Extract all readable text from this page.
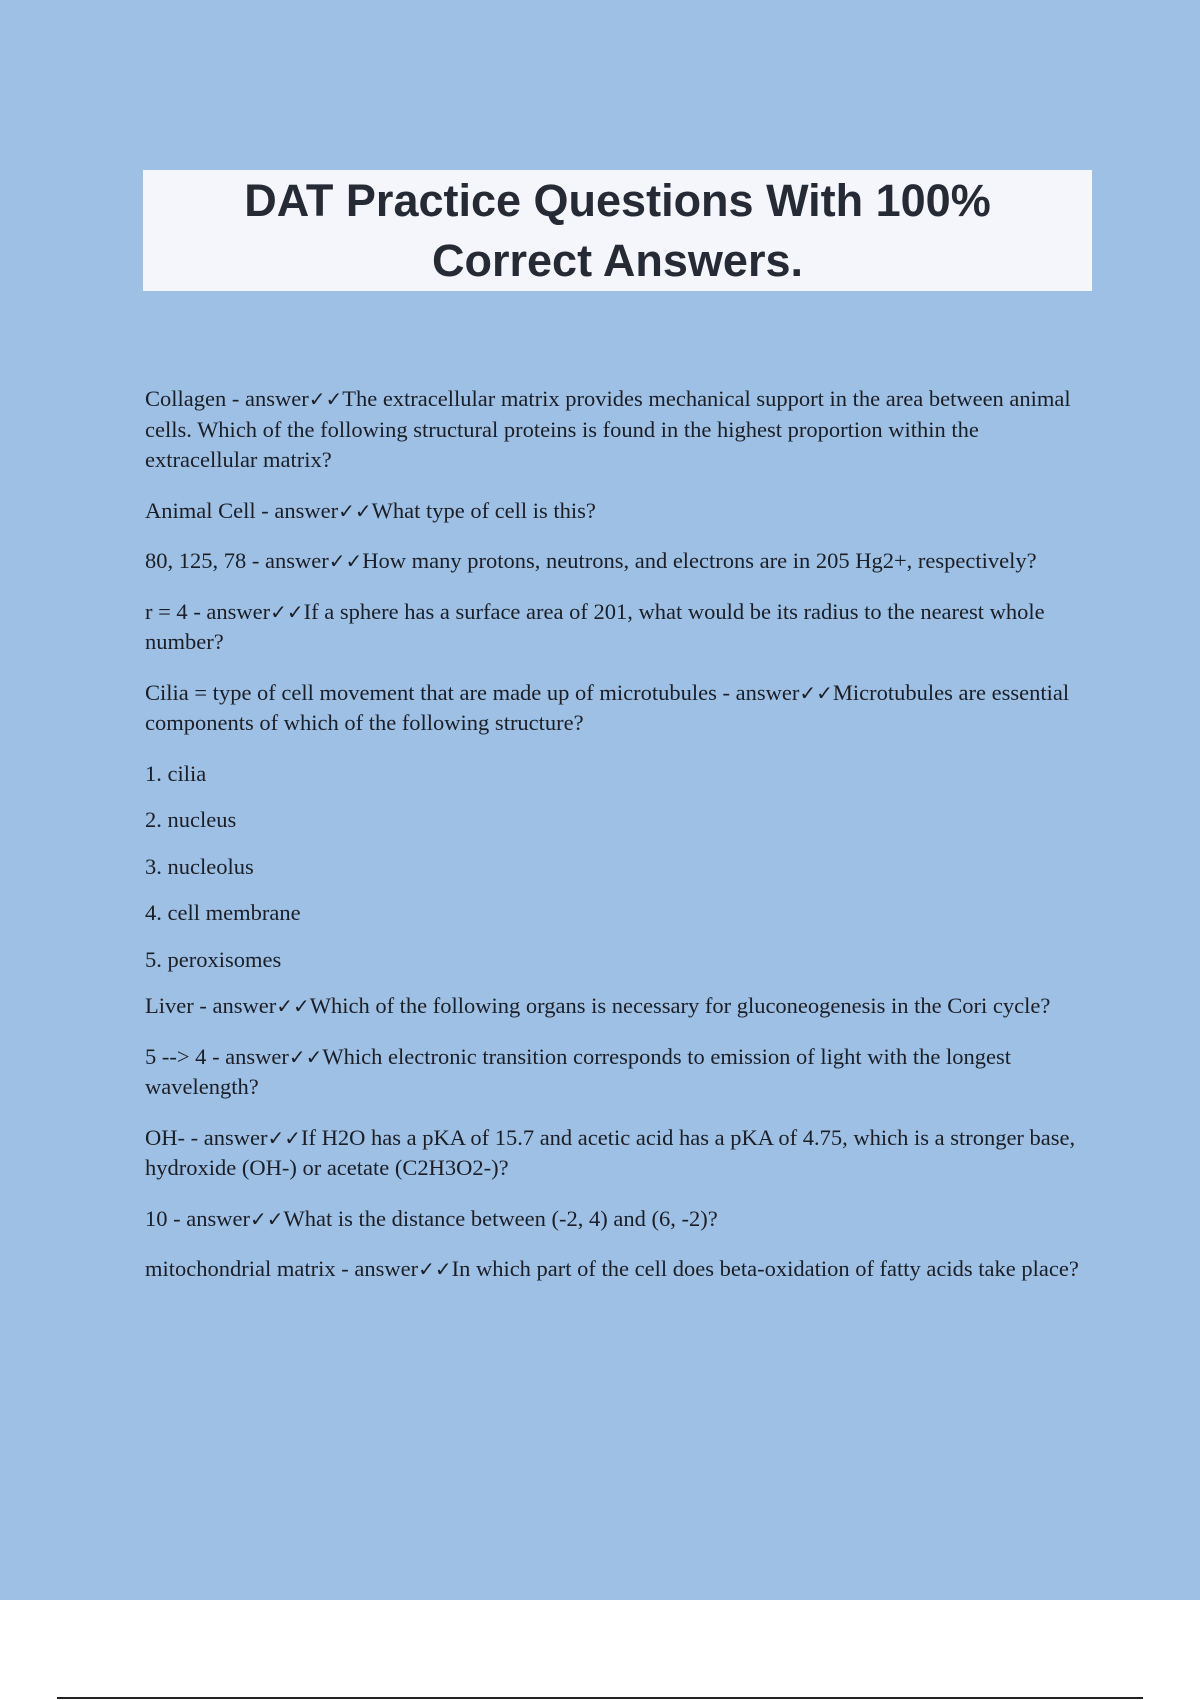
DAT Practice Questions With 100%
Correct Answers.

Collagen - answer✓✓The extracellular matrix provides mechanical support in the area between animal cells. Which of the following structural proteins is found in the highest proportion within the extracellular matrix?

Animal Cell - answer✓✓What type of cell is this?

80, 125, 78 - answer✓✓How many protons, neutrons, and electrons are in 205 Hg2+, respectively?

r = 4 - answer✓✓If a sphere has a surface area of 201, what would be its radius to the nearest whole number?

Cilia = type of cell movement that are made up of microtubules - answer✓✓Microtubules are essential components of which of the following structure?

1. cilia

2. nucleus

3. nucleolus

4. cell membrane

5. peroxisomes

Liver - answer✓✓Which of the following organs is necessary for gluconeogenesis in the Cori cycle?

5 --> 4 - answer✓✓Which electronic transition corresponds to emission of light with the longest wavelength?

OH- - answer✓✓If H2O has a pKA of 15.7 and acetic acid has a pKA of 4.75, which is a stronger base, hydroxide (OH-) or acetate (C2H3O2-)?

10 - answer✓✓What is the distance between (-2, 4) and (6, -2)?

mitochondrial matrix - answer✓✓In which part of the cell does beta-oxidation of fatty acids take place?
